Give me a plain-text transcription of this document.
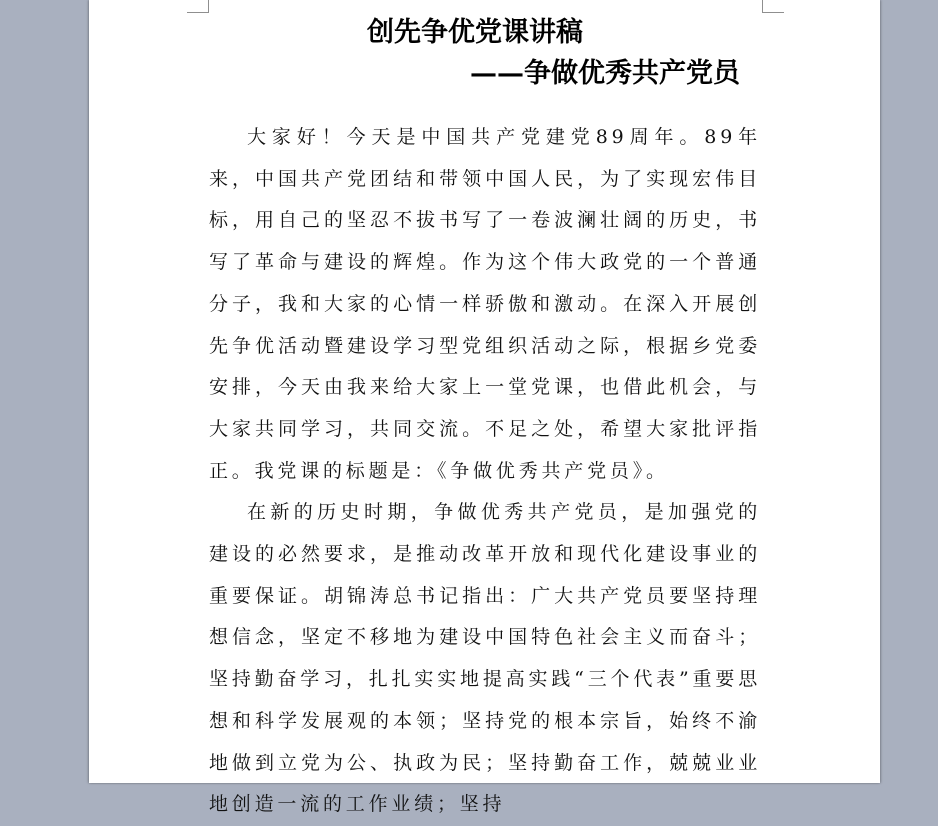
创先争优党课讲稿
——争做优秀共产党员

大家好！今天是中国共产党建党89周年。89年来，中国共产党团结和带领中国人民，为了实现宏伟目标，用自己的坚忍不拔书写了一卷波澜壮阔的历史，书写了革命与建设的辉煌。作为这个伟大政党的一个普通分子，我和大家的心情一样骄傲和激动。在深入开展创先争优活动暨建设学习型党组织活动之际，根据乡党委安排，今天由我来给大家上一堂党课，也借此机会，与大家共同学习，共同交流。不足之处，希望大家批评指正。我党课的标题是：《争做优秀共产党员》。

在新的历史时期，争做优秀共产党员，是加强党的建设的必然要求，是推动改革开放和现代化建设事业的重要保证。胡锦涛总书记指出：广大共产党员要坚持理想信念，坚定不移地为建设中国特色社会主义而奋斗；坚持勤奋学习，扎扎实实地提高实践“三个代表”重要思想和科学发展观的本领；坚持党的根本宗旨，始终不渝地做到立党为公、执政为民；坚持勤奋工作，兢兢业业地创造一流的工作业绩；坚持
